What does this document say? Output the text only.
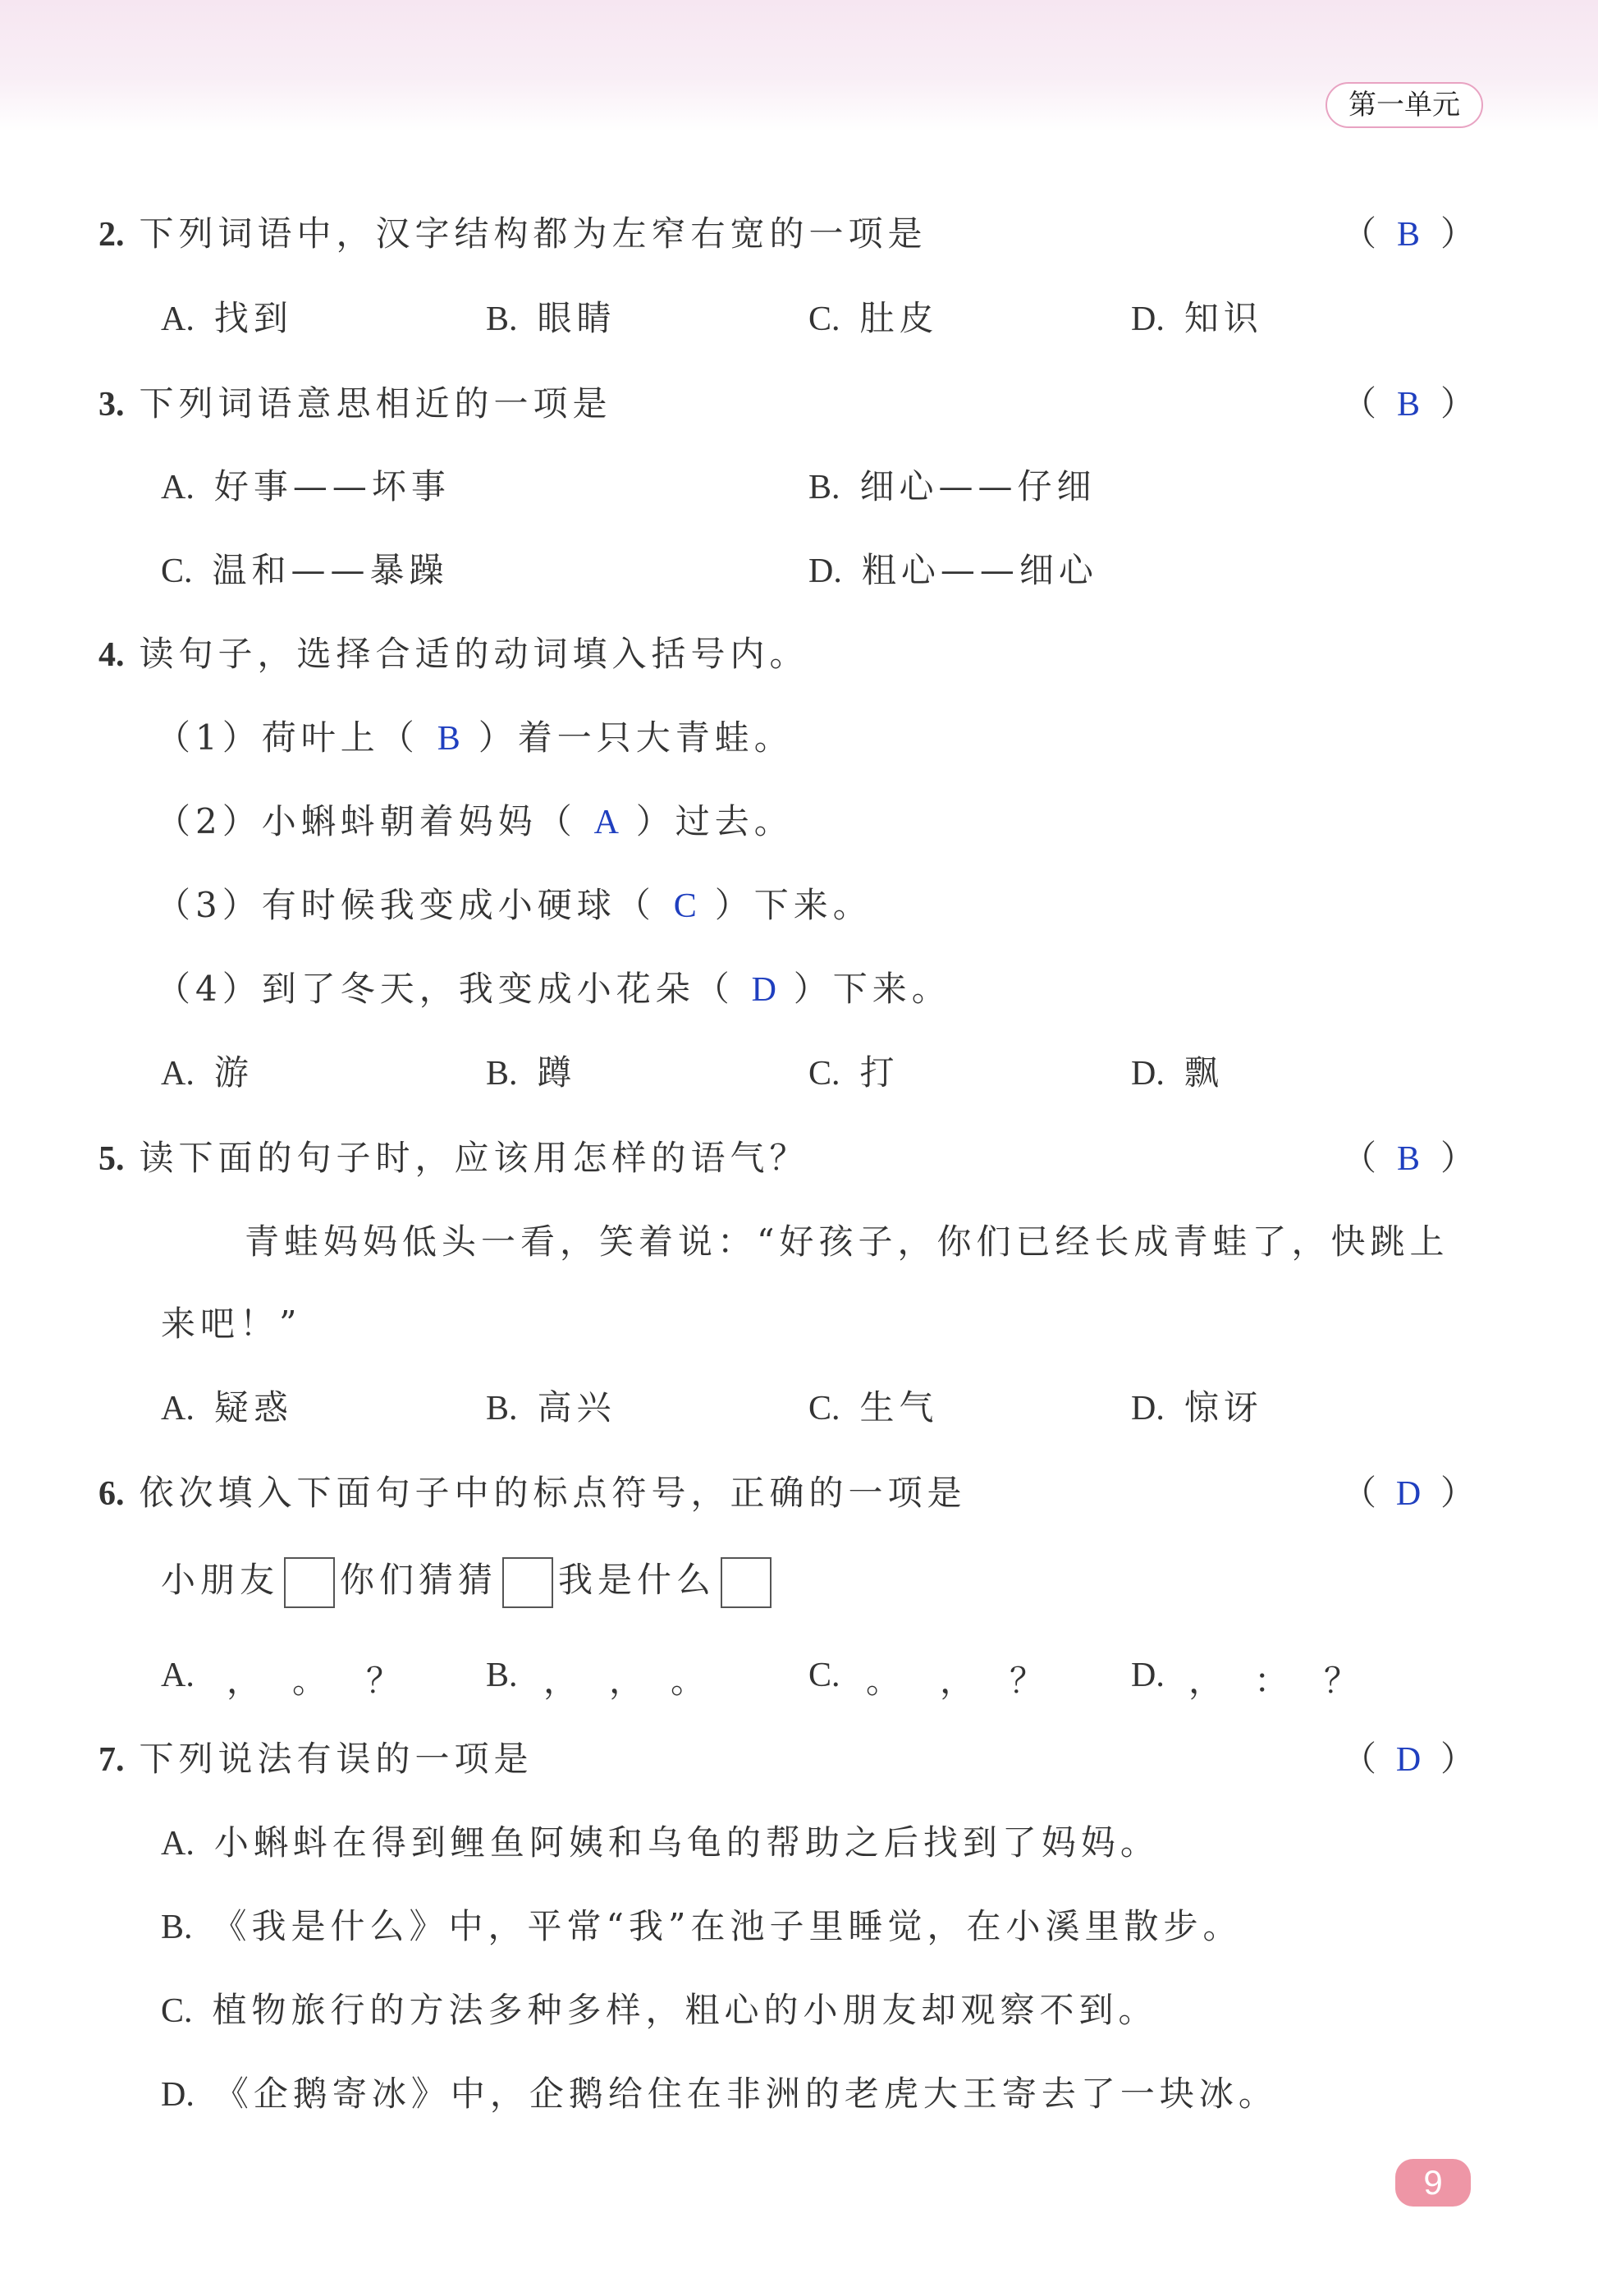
第一单元
2. 下列词语中，汉字结构都为左窄右宽的一项是	（ B ）
A. 找到	B. 眼睛	C. 肚皮	D. 知识
3. 下列词语意思相近的一项是	（ B ）
A. 好事——坏事	B. 细心——仔细
C. 温和——暴躁	D. 粗心——细心
4. 读句子，选择合适的动词填入括号内。
（1）荷叶上（ B ）着一只大青蛙。
（2）小蝌蚪朝着妈妈（ A ）过去。
（3）有时候我变成小硬球（ C ）下来。
（4）到了冬天，我变成小花朵（ D ）下来。
A. 游	B. 蹲	C. 打	D. 飘
5. 读下面的句子时，应该用怎样的语气？	（ B ）
青蛙妈妈低头一看，笑着说：“好孩子，你们已经长成青蛙了，快跳上
来吧！”
A. 疑惑	B. 高兴	C. 生气	D. 惊讶
6. 依次填入下面句子中的标点符号，正确的一项是	（ D ）
小朋友 你们猜猜 我是什么
A. ， 。 ？ B. ， ， 。	C. 。 ， ？	D. ， ： ？
7. 下列说法有误的一项是	（ D ）
A. 小蝌蚪在得到鲤鱼阿姨和乌龟的帮助之后找到了妈妈。
B. 《我是什么》中，平常“我”在池子里睡觉，在小溪里散步。
C. 植物旅行的方法多种多样，粗心的小朋友却观察不到。
D. 《企鹅寄冰》中，企鹅给住在非洲的老虎大王寄去了一块冰。
9
